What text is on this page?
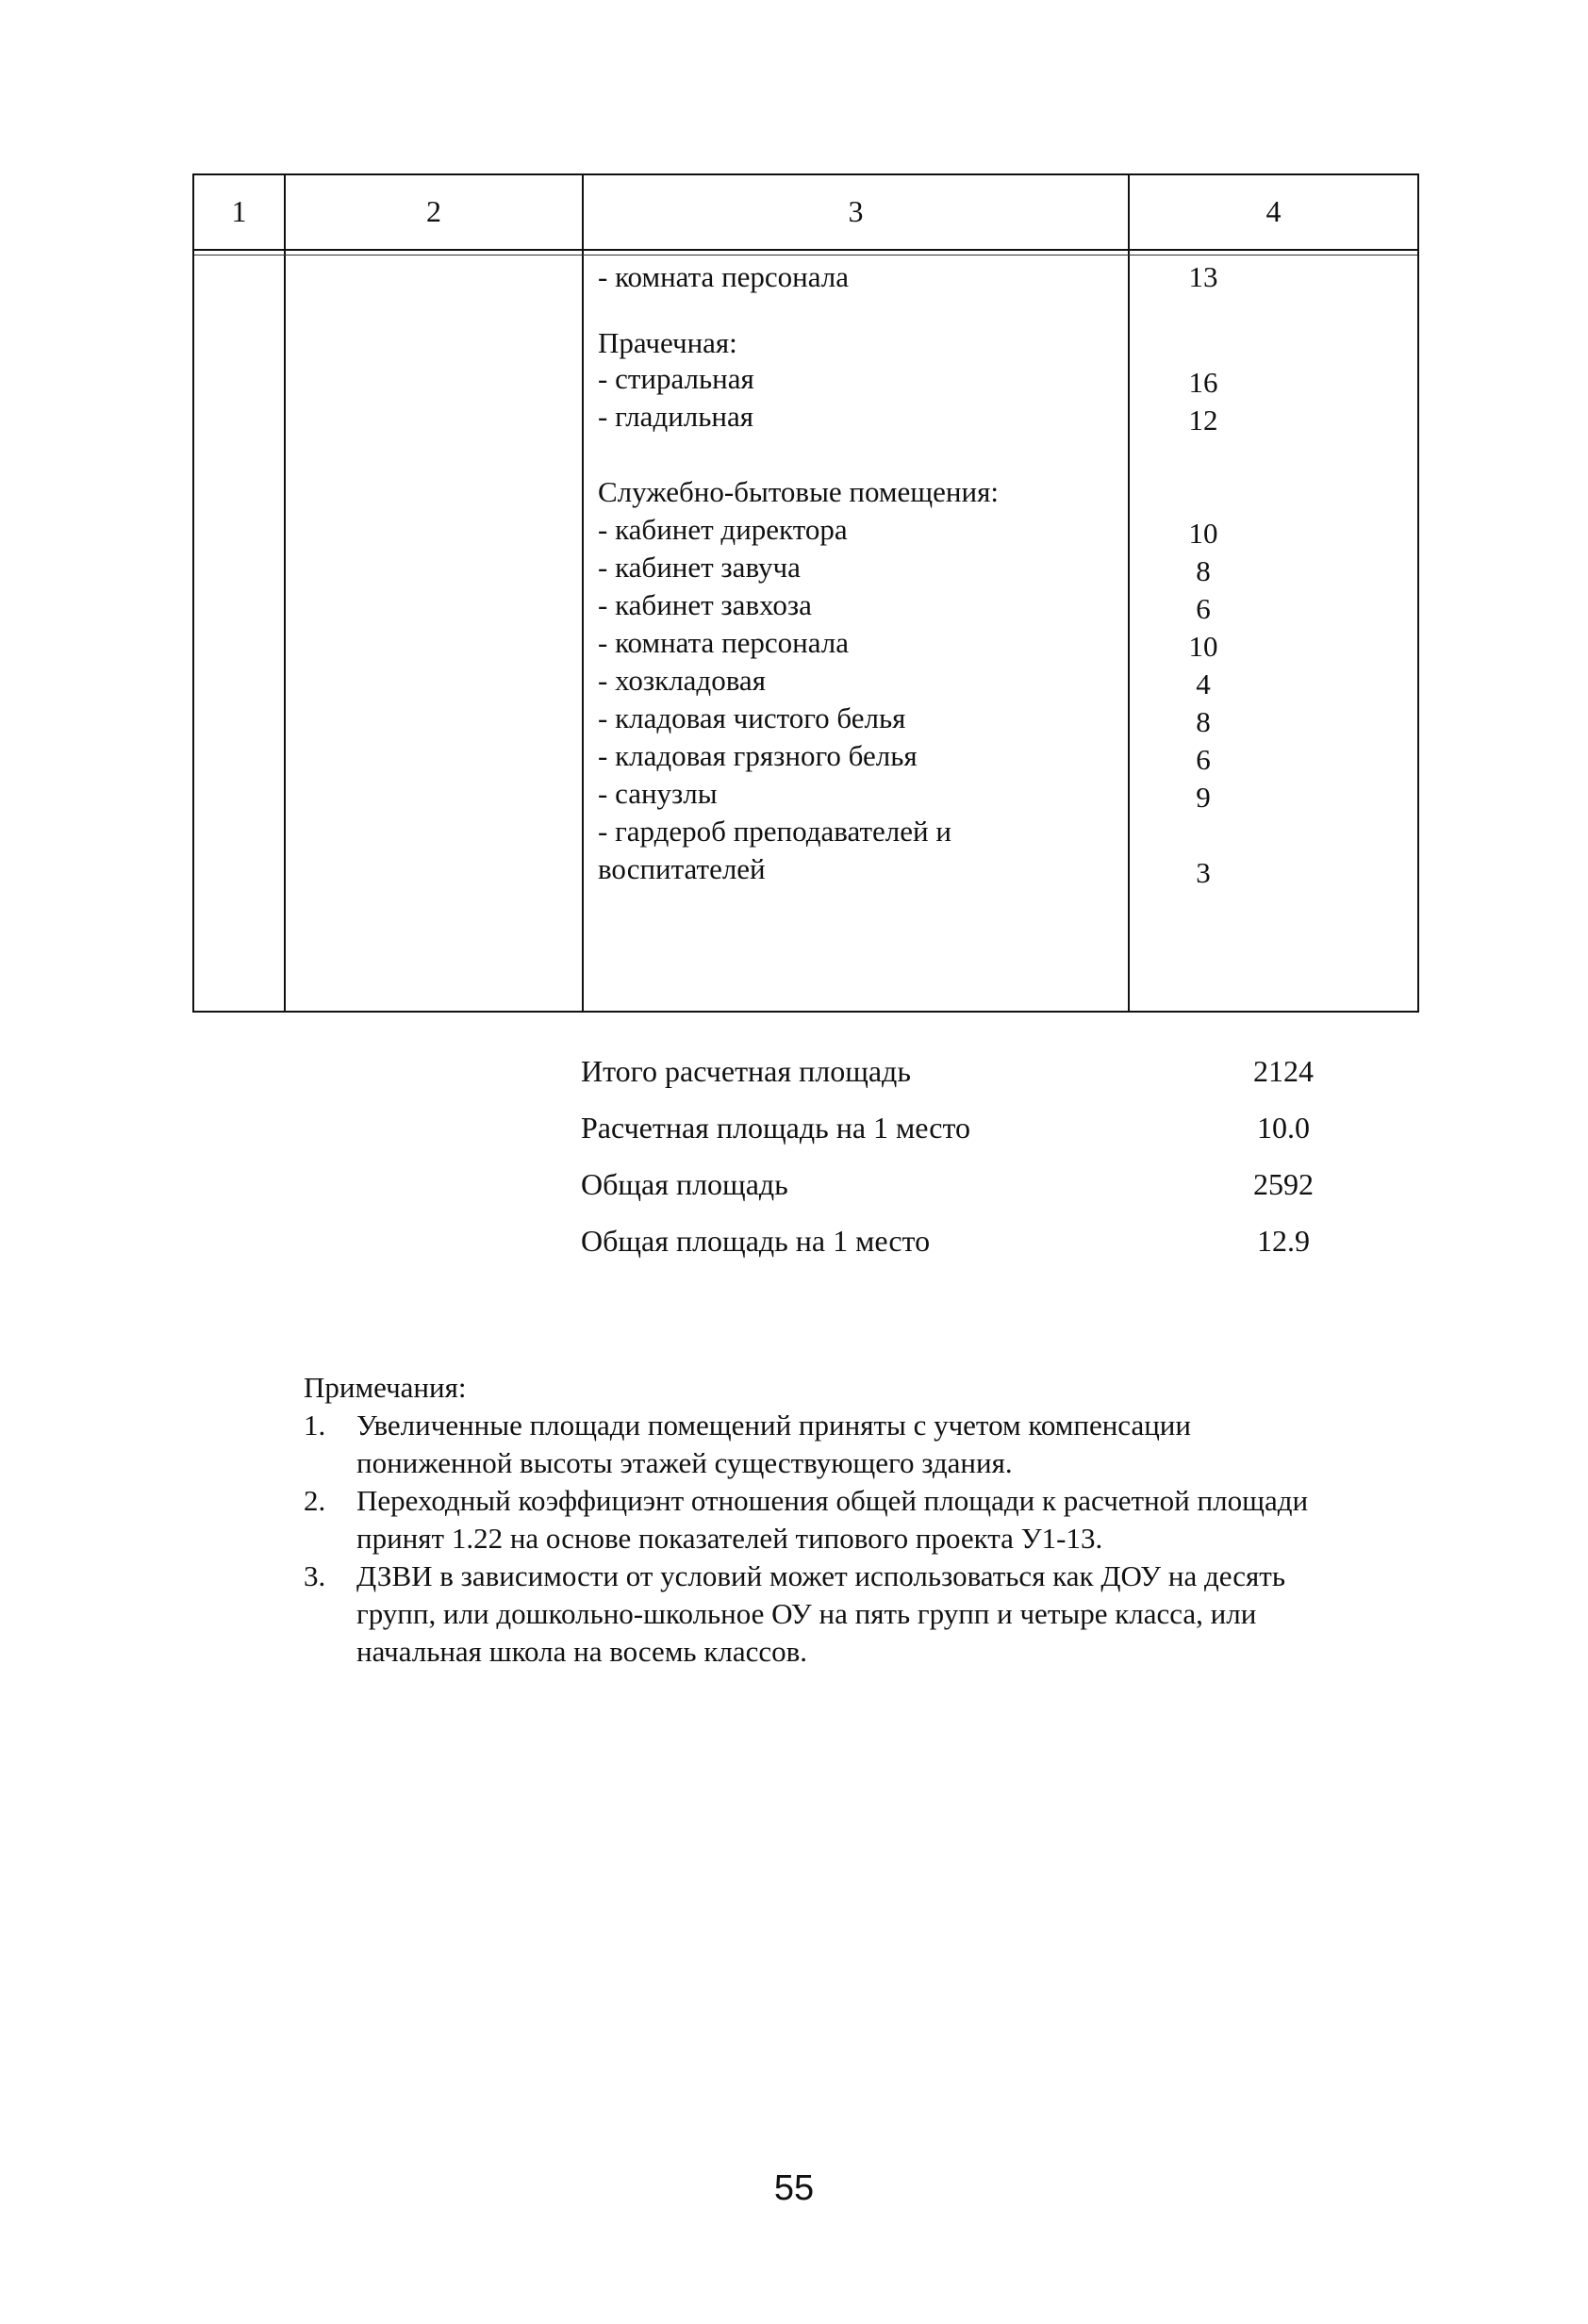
1	2	3	4
- комната персонала	13
Прачечная:
- стиральная	16
- гладильная	12
Служебно-бытовые помещения:
- кабинет директора	10
- кабинет завуча	8
- кабинет завхоза	6
- комната персонала	10
- хозкладовая	4
- кладовая чистого белья	8
- кладовая грязного белья	6
- санузлы	9
- гардероб преподавателей и
воспитателей	3
Итого расчетная площадь	2124
Расчетная площадь на 1 место	10.0
Общая площадь	2592
Общая площадь на 1 место	12.9
Примечания:
1. Увеличенные площади помещений приняты с учетом компенсации пониженной высоты этажей существующего здания.
2. Переходный коэффициэнт отношения общей площади к расчетной площади принят 1.22 на основе показателей типового проекта У1-13.
3. ДЗВИ в зависимости от условий может использоваться как ДОУ на десять групп, или дошкольно-школьное ОУ на пять групп и четыре класса, или начальная школа на восемь классов.
55
